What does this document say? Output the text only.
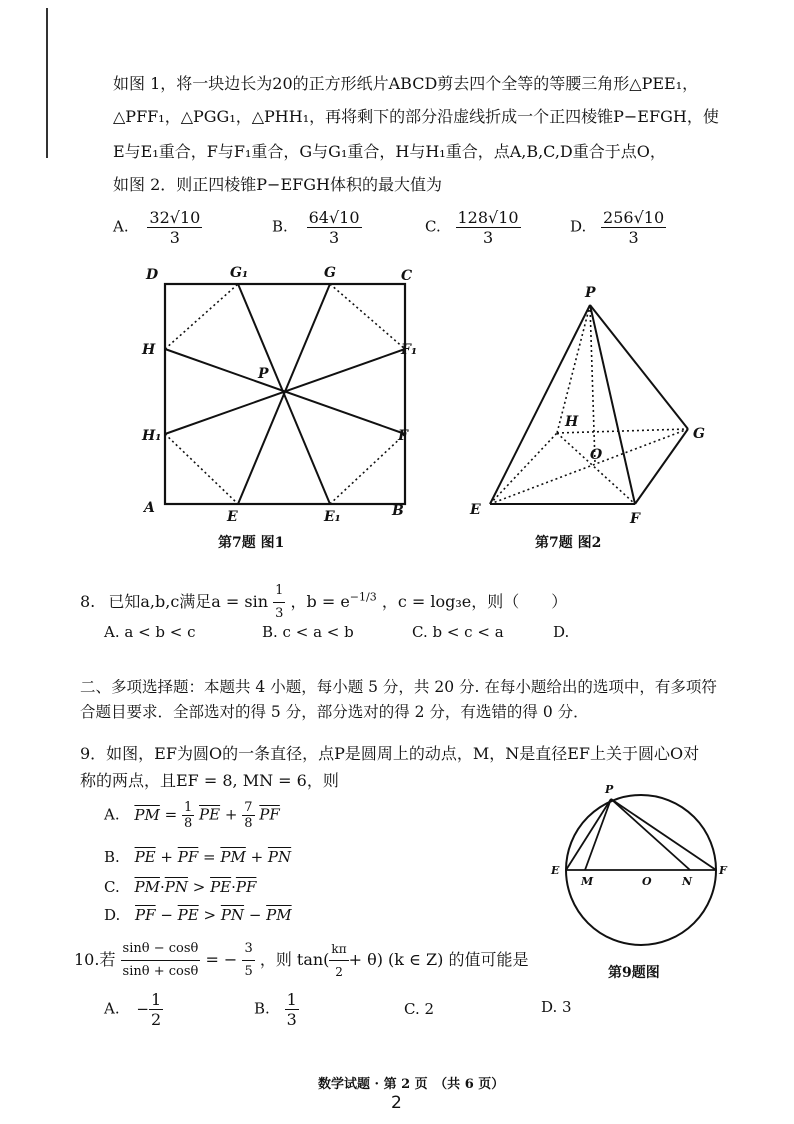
如图 1，将一块边长为20的正方形纸片ABCD剪去四个全等的等腰三角形△PEE₁，
△PFF₁，△PGG₁，△PHH₁，再将剩下的部分沿虚线折成一个正四棱锥P−EFGH，使
E与E₁重合，F与F₁重合，G与G₁重合，H与H₁重合，点A,B,C,D重合于点O，
如图 2．则正四棱锥P−EFGH体积的最大值为
A. $\frac{32√10}{3}$	B. $\frac{64√10}{3}$	C. $\frac{128√10}{3}$	D. $\frac{256√10}{3}$
D	G₁	G	C
H	F₁
P
H₁	F
A
E	E₁	B
第7题 图1
P
H
G
O
E
F
第7题 图2
8. 已知a,b,c满足$a = \sin \frac{1}{3}$ ，$b = e^{-1/3}$ ，c = log₃e，则（　　）
A. a < b < c	B. c < a < b	C. b < c < a	D.
二、多项选择题：本题共 4 小题，每小题 5 分，共 20 分. 在每小题给出的选项中，有多项符
合题目要求．全部选对的得 5 分，部分选对的得 2 分，有选错的得 0 分．
9．如图，EF为圆O的一条直径，点P是圆周上的动点，M，N是直径EF上关于圆心O对
称的两点，且EF = 8, MN = 6，则
A. $\overline{PM} = \frac{1}{8} \overline{PE} + \frac{7}{8} \overline{PF}$
B. $\overline{PE} + \overline{PF} = \overline{PM} + \overline{PN}$
C. $\overline{PM}\cdot\overline{PN} > \overline{PE}\cdot\overline{PF}$
D. $\overline{PF} - \overline{PE} > \overline{PN} - \overline{PM}$
P
E
M	O	N
F
第9题图
10.若 $\frac{\sin\theta - \cos\theta}{\sin\theta + \cos\theta}$ = − $\frac{3}{5}$ ，则 $\tan( \frac{k\pi}{2} + \theta)$ (k ∈ Z) 的值可能是
A. − $\frac{1}{2}$	B. $\frac{1}{3}$	C. 2	D. 3
数学试题 · 第 2 页　（共 6 页）
2
